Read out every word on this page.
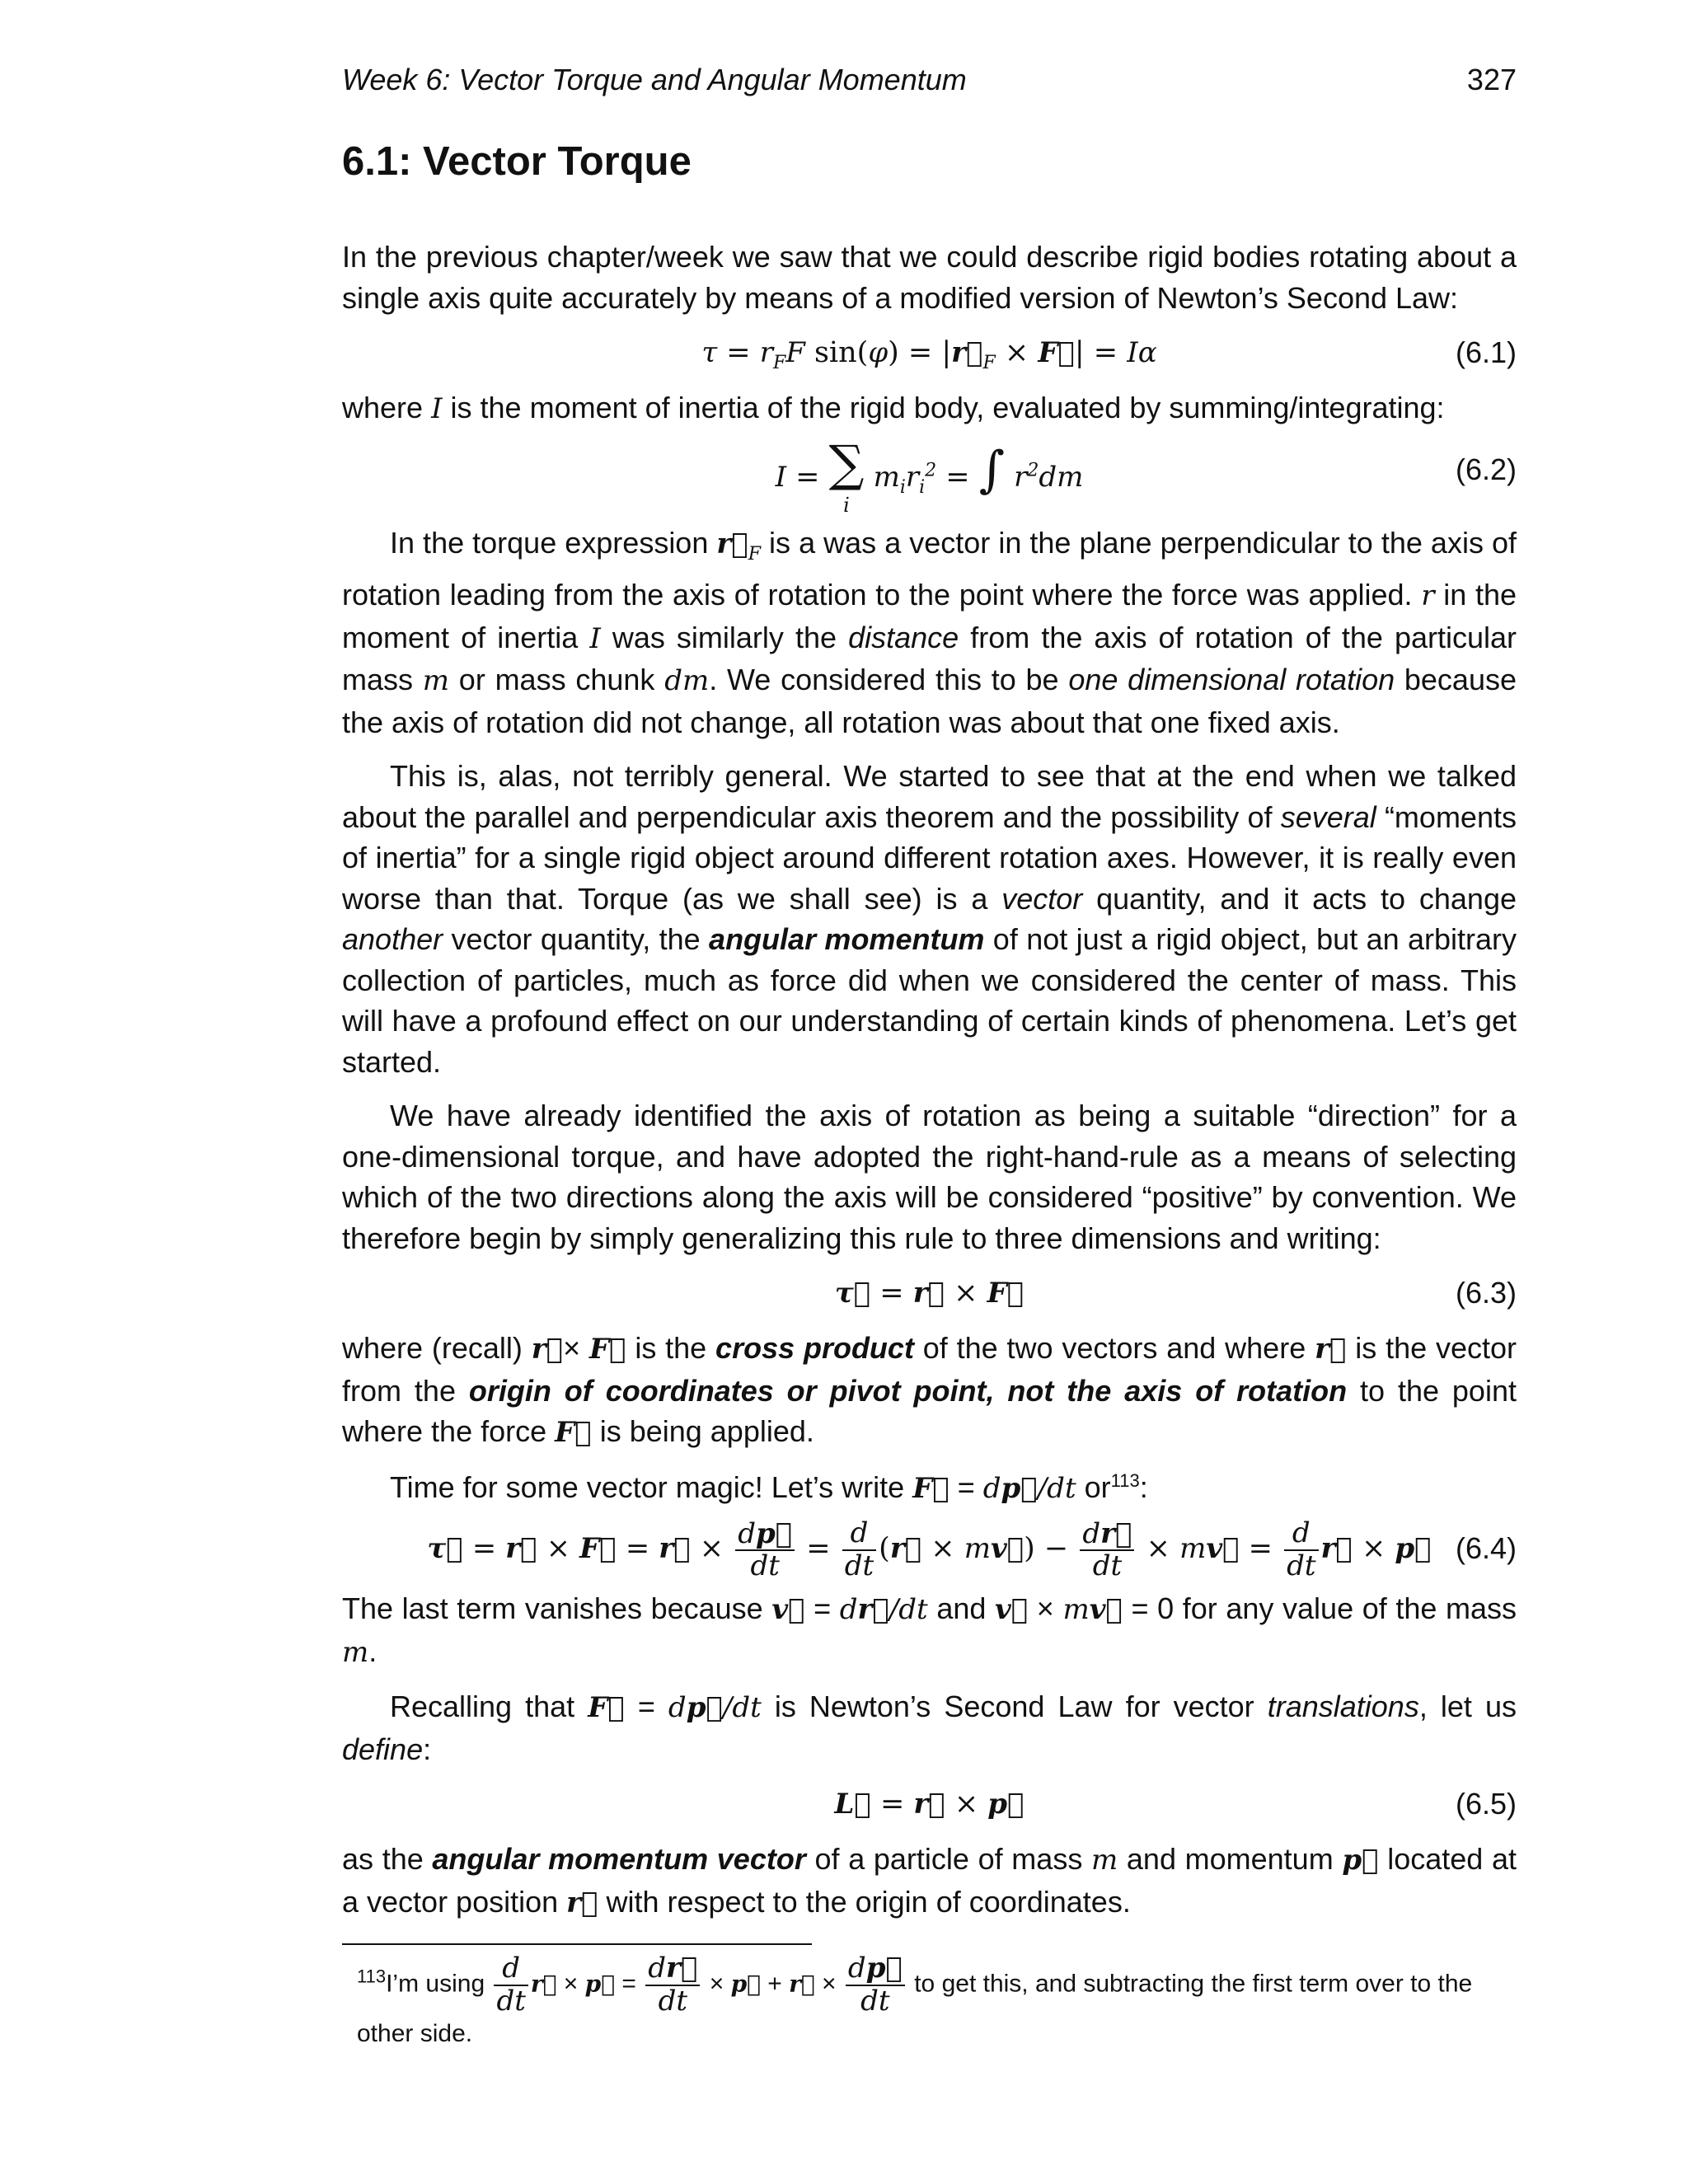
Week 6: Vector Torque and Angular Momentum	327
6.1: Vector Torque

In the previous chapter/week we saw that we could describe rigid bodies rotating about a single axis quite accurately by means of a modified version of Newton’s Second Law:

$\tau = r_FF$ $\sin(\varphi) = |r⃗_F$ × F⃗| = Iα	(6.1)

where I is the moment of inertia of the rigid body, evaluated by summing/integrating:

I = ∑
i $m_ir_i^2$ = ∫ $r^2dm$	(6.2)

In the torque expression $r⃗_F$ is a was a vector in the plane perpendicular to the axis of rotation leading from the axis of rotation to the point where the force was applied. r in the moment of inertia I was similarly the distance from the axis of rotation of the particular mass m or mass chunk dm. We considered this to be one dimensional rotation because the axis of rotation did not change, all rotation was about that one fixed axis.

This is, alas, not terribly general. We started to see that at the end when we talked about the parallel and perpendicular axis theorem and the possibility of several “moments of inertia” for a single rigid object around different rotation axes. However, it is really even worse than that. Torque (as we shall see) is a vector quantity, and it acts to change another vector quantity, the angular momentum of not just a rigid object, but an arbitrary collection of particles, much as force did when we considered the center of mass. This will have a profound effect on our understanding of certain kinds of phenomena. Let’s get started.

We have already identified the axis of rotation as being a suitable “direction” for a one-dimensional torque, and have adopted the right-hand-rule as a means of selecting which of the two directions along the axis will be considered “positive” by convention. We therefore begin by simply generalizing this rule to three dimensions and writing:

τ⃗ = r⃗ × F⃗	(6.3)

where (recall) r⃗× F⃗ is the cross product of the two vectors and where r⃗ is the vector from the origin of coordinates or pivot point, not the axis of rotation to the point where the force F⃗ is being applied.

Time for some vector magic! Let’s write F⃗ = dp⃗/dt $or^{113}$:

τ⃗ = r⃗ × F⃗ = r⃗ × $\frac{dp⃗}{dt} = \frac{d}{dt}$ (r⃗ × mv⃗) − $\frac{dr⃗}{dt}$ × mv⃗ = $\frac{d}{dt}$ r⃗ × p⃗ (6.4)

The last term vanishes because v⃗ = dr⃗/dt and v⃗ × mv⃗ = 0 for any value of the mass m.

Recalling that F⃗ = dp⃗/dt is Newton’s Second Law for vector translations, let us define:

L⃗ = r⃗ × p⃗	(6.5)

as the angular momentum vector of a particle of mass m and momentum p⃗ located at a vector position r⃗ with respect to the origin of coordinates.

$^{113}$I’m using $\frac{d}{dt}$ r⃗ × p⃗ = $\frac{dr⃗}{dt}$ × p⃗ + r⃗ × $\frac{dp⃗}{dt}$ to get this, and subtracting the first term over to the other side.
